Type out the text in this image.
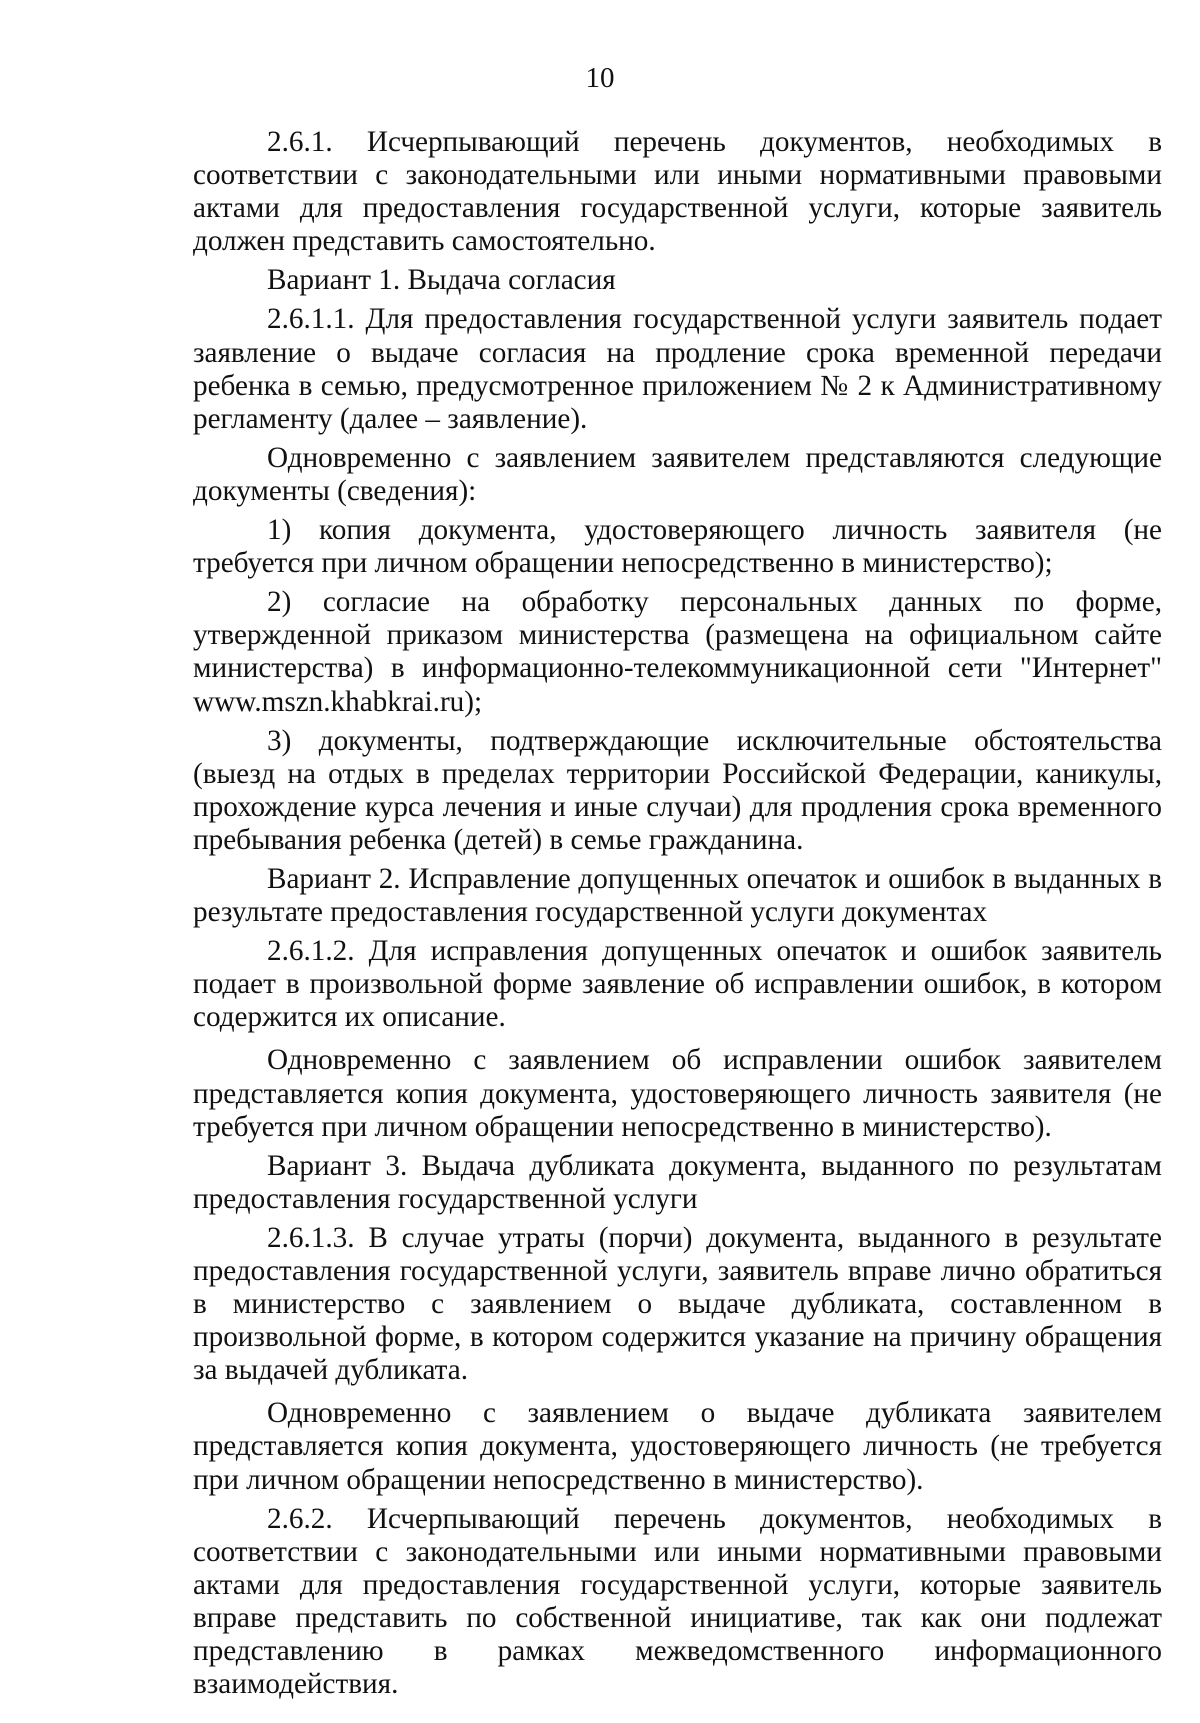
10

2.6.1. Исчерпывающий перечень документов, необходимых в соответствии с законодательными или иными нормативными правовыми актами для предоставления государственной услуги, которые заявитель должен представить самостоятельно.

Вариант 1. Выдача согласия

2.6.1.1. Для предоставления государственной услуги заявитель подает заявление о выдаче согласия на продление срока временной передачи ребенка в семью, предусмотренное приложением № 2 к Административному регламенту (далее – заявление).

Одновременно с заявлением заявителем представляются следующие документы (сведения):

1) копия документа, удостоверяющего личность заявителя (не требуется при личном обращении непосредственно в министерство);

2) согласие на обработку персональных данных по форме, утвержденной приказом министерства (размещена на официальном сайте министерства) в информационно-телекоммуникационной сети "Интернет" www.mszn.khabkrai.ru);

3) документы, подтверждающие исключительные обстоятельства (выезд на отдых в пределах территории Российской Федерации, каникулы, прохождение курса лечения и иные случаи) для продления срока временного пребывания ребенка (детей) в семье гражданина.

Вариант 2. Исправление допущенных опечаток и ошибок в выданных в результате предоставления государственной услуги документах

2.6.1.2. Для исправления допущенных опечаток и ошибок заявитель подает в произвольной форме заявление об исправлении ошибок, в котором содержится их описание.

Одновременно с заявлением об исправлении ошибок заявителем представляется копия документа, удостоверяющего личность заявителя (не требуется при личном обращении непосредственно в министерство).

Вариант 3. Выдача дубликата документа, выданного по результатам предоставления государственной услуги

2.6.1.3. В случае утраты (порчи) документа, выданного в результате предоставления государственной услуги, заявитель вправе лично обратиться в министерство с заявлением о выдаче дубликата, составленном в произвольной форме, в котором содержится указание на причину обращения за выдачей дубликата.

Одновременно с заявлением о выдаче дубликата заявителем представляется копия документа, удостоверяющего личность (не требуется при личном обращении непосредственно в министерство).

2.6.2. Исчерпывающий перечень документов, необходимых в соответствии с законодательными или иными нормативными правовыми актами для предоставления государственной услуги, которые заявитель вправе представить по собственной инициативе, так как они подлежат представлению в рамках межведомственного информационного взаимодействия.
